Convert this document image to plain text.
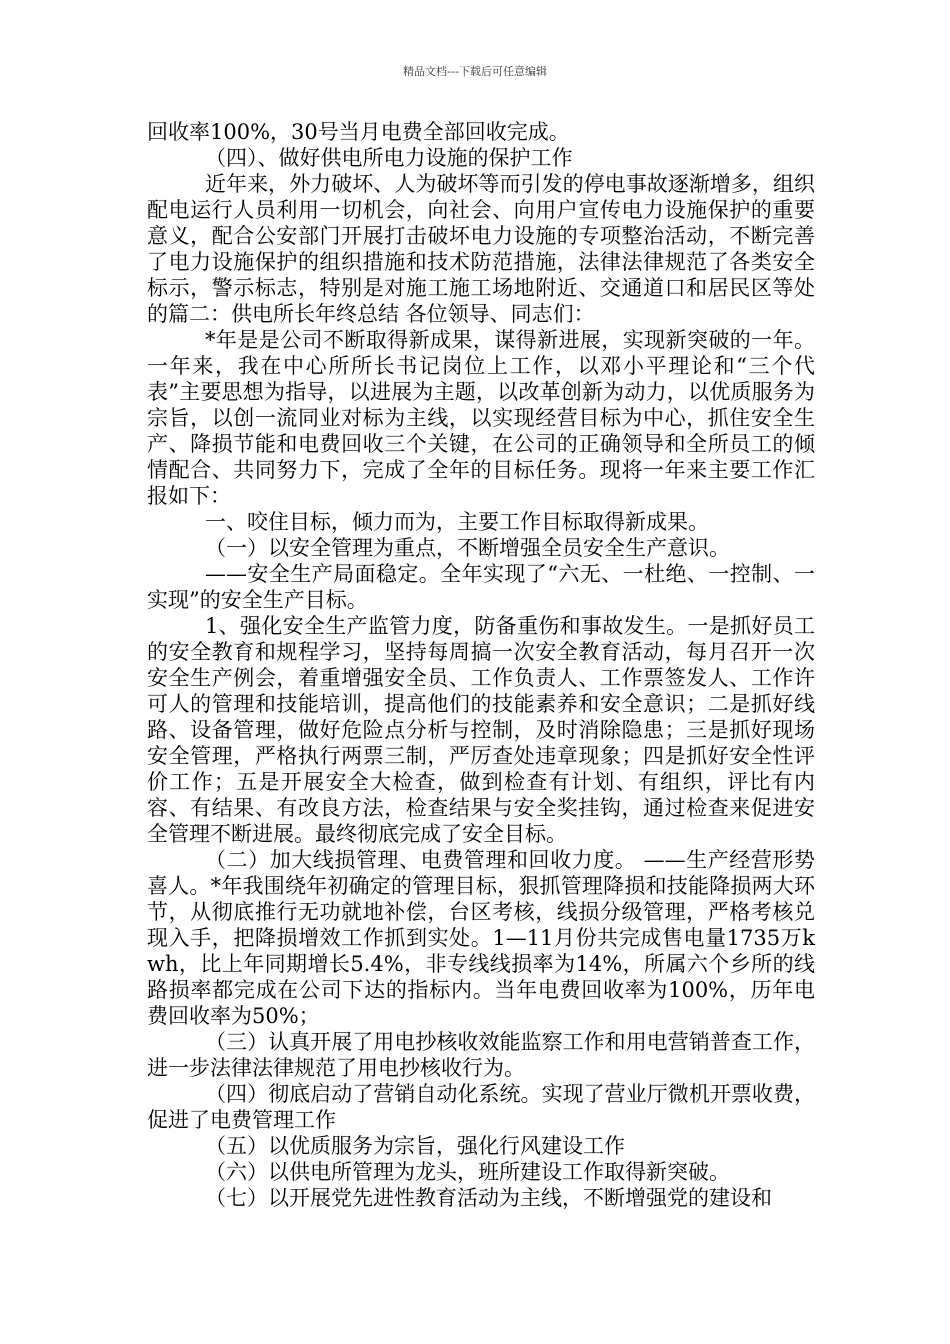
精品文档---下载后可任意编辑

回收率100%，30号当月电费全部回收完成。

（四）、做好供电所电力设施的保护工作

近年来，外力破坏、人为破坏等而引发的停电事故逐渐增多，组织配电运行人员利用一切机会，向社会、向用户宣传电力设施保护的重要意义，配合公安部门开展打击破坏电力设施的专项整治活动，不断完善了电力设施保护的组织措施和技术防范措施，法律法律规范了各类安全标示，警示标志，特别是对施工施工场地附近、交通道口和居民区等处的篇二：供电所长年终总结 各位领导、同志们：

*年是是公司不断取得新成果，谋得新进展，实现新突破的一年。一年来，我在中心所所长书记岗位上工作，以邓小平理论和“三个代表”主要思想为指导，以进展为主题，以改革创新为动力，以优质服务为宗旨，以创一流同业对标为主线，以实现经营目标为中心，抓住安全生产、降损节能和电费回收三个关键，在公司的正确领导和全所员工的倾情配合、共同努力下，完成了全年的目标任务。现将一年来主要工作汇报如下：

一、咬住目标，倾力而为，主要工作目标取得新成果。

（一）以安全管理为重点，不断增强全员安全生产意识。

——安全生产局面稳定。全年实现了“六无、一杜绝、一控制、一实现”的安全生产目标。

1、强化安全生产监管力度，防备重伤和事故发生。一是抓好员工的安全教育和规程学习，坚持每周搞一次安全教育活动，每月召开一次安全生产例会，着重增强安全员、工作负责人、工作票签发人、工作许可人的管理和技能培训，提高他们的技能素养和安全意识；二是抓好线路、设备管理，做好危险点分析与控制，及时消除隐患；三是抓好现场安全管理，严格执行两票三制，严厉查处违章现象；四是抓好安全性评价工作；五是开展安全大检查，做到检查有计划、有组织，评比有内容、有结果、有改良方法，检查结果与安全奖挂钩，通过检查来促进安全管理不断进展。最终彻底完成了安全目标。

（二）加大线损管理、电费管理和回收力度。 ——生产经营形势喜人。*年我围绕年初确定的管理目标，狠抓管理降损和技能降损两大环节，从彻底推行无功就地补偿，台区考核，线损分级管理，严格考核兑现入手，把降损增效工作抓到实处。1—11月份共完成售电量1735万kwh，比上年同期增长5.4%，非专线线损率为14%，所属六个乡所的线路损率都完成在公司下达的指标内。当年电费回收率为100%，历年电费回收率为50%；

（三）认真开展了用电抄核收效能监察工作和用电营销普查工作，进一步法律法律规范了用电抄核收行为。

（四）彻底启动了营销自动化系统。实现了营业厅微机开票收费，促进了电费管理工作

（五）以优质服务为宗旨，强化行风建设工作

（六）以供电所管理为龙头，班所建设工作取得新突破。

（七）以开展党先进性教育活动为主线，不断增强党的建设和
